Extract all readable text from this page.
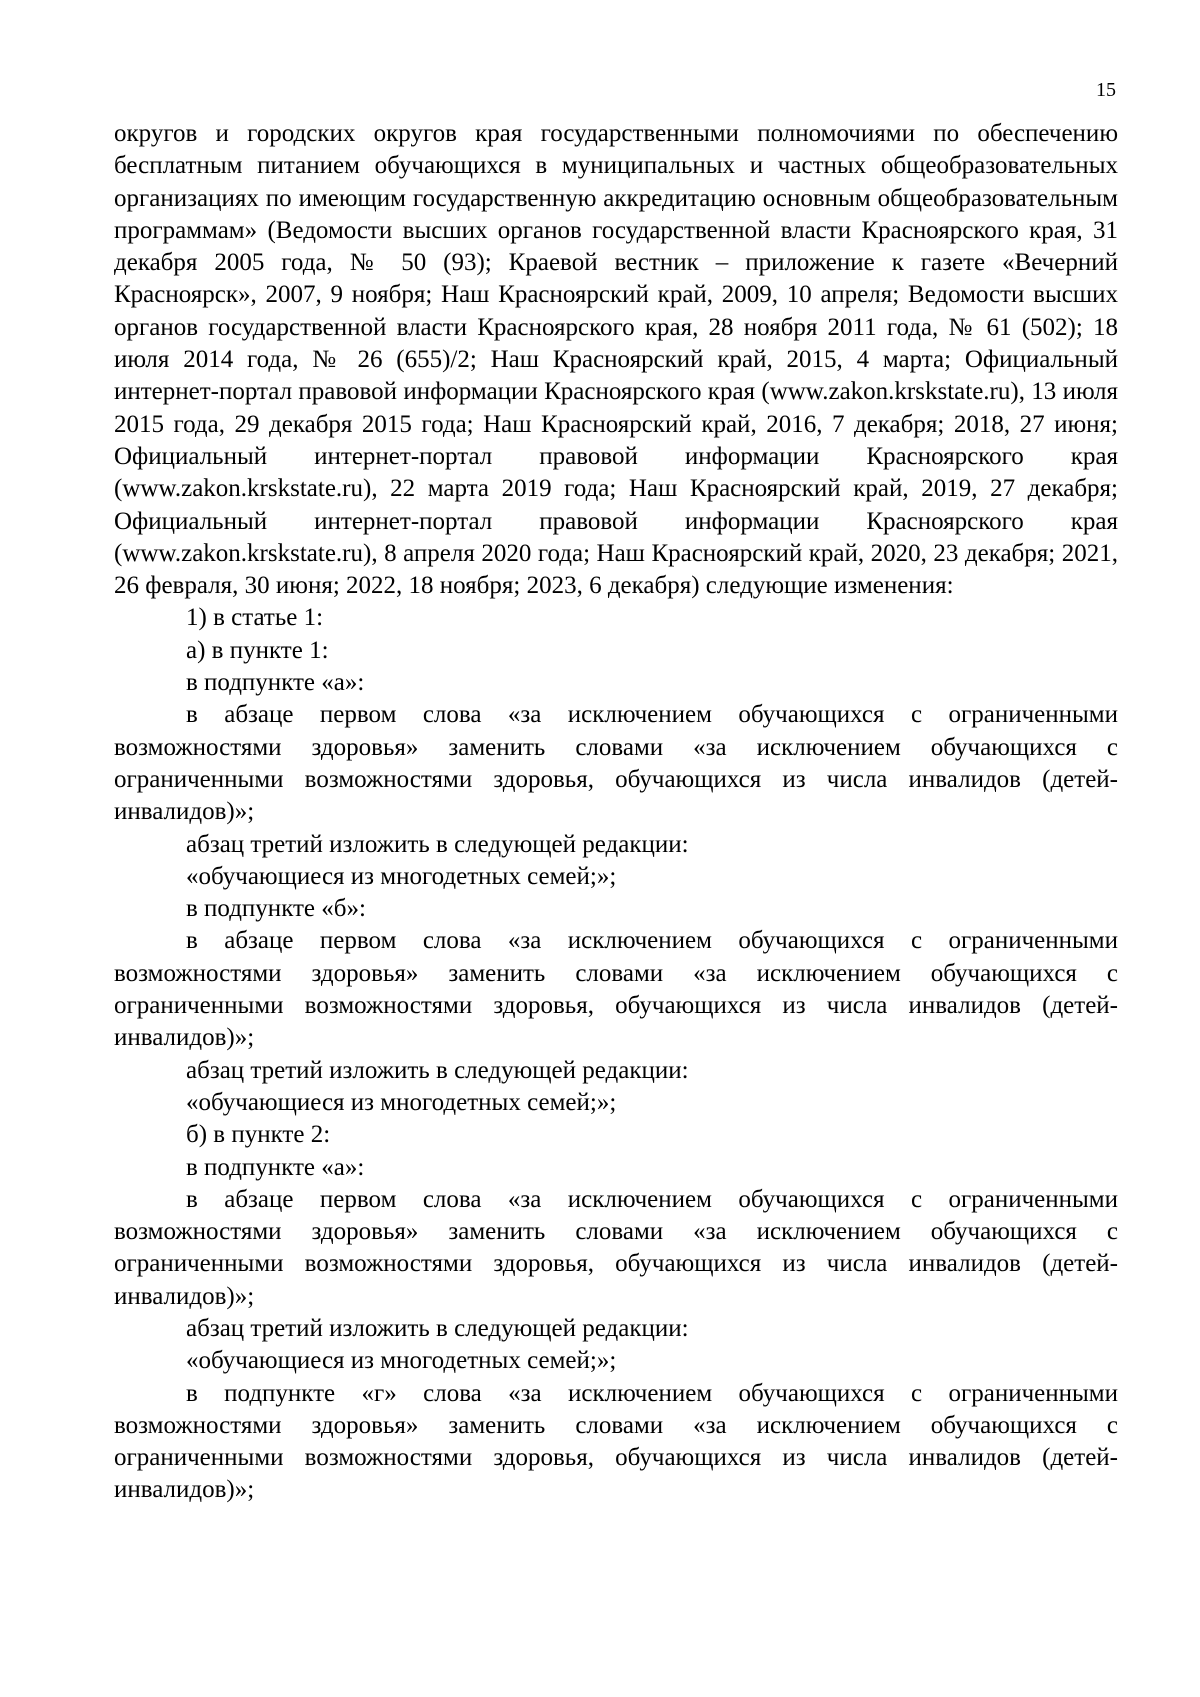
15

округов и городских округов края государственными полномочиями по обеспечению бесплатным питанием обучающихся в муниципальных и частных общеобразовательных организациях по имеющим государственную аккредитацию основным общеобразовательным программам» (Ведомости высших органов государственной власти Красноярского края, 31 декабря 2005 года, № 50 (93); Краевой вестник – приложение к газете «Вечерний Красноярск», 2007, 9 ноября; Наш Красноярский край, 2009, 10 апреля; Ведомости высших органов государственной власти Красноярского края, 28 ноября 2011 года, № 61 (502); 18 июля 2014 года, № 26 (655)/2; Наш Красноярский край, 2015, 4 марта; Официальный интернет-портал правовой информации Красноярского края (www.zakon.krskstate.ru), 13 июля 2015 года, 29 декабря 2015 года; Наш Красноярский край, 2016, 7 декабря; 2018, 27 июня; Официальный интернет-портал правовой информации Красноярского края (www.zakon.krskstate.ru), 22 марта 2019 года; Наш Красноярский край, 2019, 27 декабря; Официальный интернет-портал правовой информации Красноярского края (www.zakon.krskstate.ru), 8 апреля 2020 года; Наш Красноярский край, 2020, 23 декабря; 2021, 26 февраля, 30 июня; 2022, 18 ноября; 2023, 6 декабря) следующие изменения:

1) в статье 1:

а) в пункте 1:

в подпункте «а»:

в абзаце первом слова «за исключением обучающихся с ограниченными возможностями здоровья» заменить словами «за исключением обучающихся с ограниченными возможностями здоровья, обучающихся из числа инвалидов (детей-инвалидов)»;

абзац третий изложить в следующей редакции:

«обучающиеся из многодетных семей;»;

в подпункте «б»:

в абзаце первом слова «за исключением обучающихся с ограниченными возможностями здоровья» заменить словами «за исключением обучающихся с ограниченными возможностями здоровья, обучающихся из числа инвалидов (детей-инвалидов)»;

абзац третий изложить в следующей редакции:

«обучающиеся из многодетных семей;»;

б) в пункте 2:

в подпункте «а»:

в абзаце первом слова «за исключением обучающихся с ограниченными возможностями здоровья» заменить словами «за исключением обучающихся с ограниченными возможностями здоровья, обучающихся из числа инвалидов (детей-инвалидов)»;

абзац третий изложить в следующей редакции:

«обучающиеся из многодетных семей;»;

в подпункте «г» слова «за исключением обучающихся с ограниченными возможностями здоровья» заменить словами «за исключением обучающихся с ограниченными возможностями здоровья, обучающихся из числа инвалидов (детей-инвалидов)»;
